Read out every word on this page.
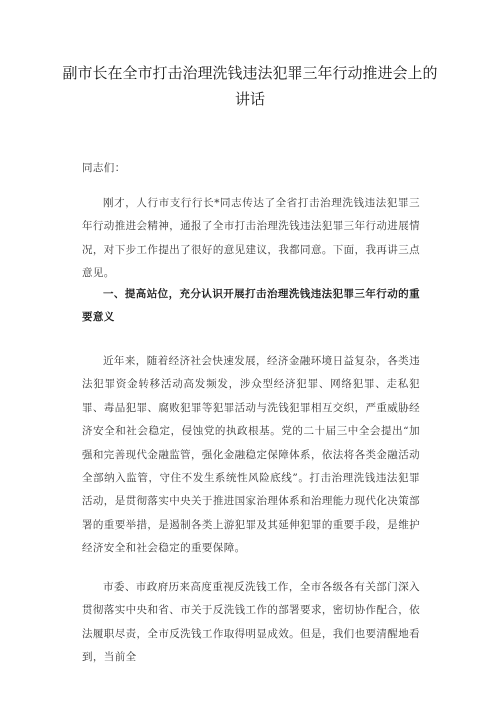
副市长在全市打击治理洗钱违法犯罪三年行动推进会上的讲话

同志们：

刚才，人行市支行行长*同志传达了全省打击治理洗钱违法犯罪三年行动推进会精神，通报了全市打击治理洗钱违法犯罪三年行动进展情况，对下步工作提出了很好的意见建议，我都同意。下面，我再讲三点意见。

一、提高站位，充分认识开展打击治理洗钱违法犯罪三年行动的重要意义

近年来，随着经济社会快速发展，经济金融环境日益复杂，各类违法犯罪资金转移活动高发频发，涉众型经济犯罪、网络犯罪、走私犯罪、毒品犯罪、腐败犯罪等犯罪活动与洗钱犯罪相互交织，严重威胁经济安全和社会稳定，侵蚀党的执政根基。党的二十届三中全会提出“加强和完善现代金融监管，强化金融稳定保障体系，依法将各类金融活动全部纳入监管，守住不发生系统性风险底线”。打击治理洗钱违法犯罪活动，是贯彻落实中央关于推进国家治理体系和治理能力现代化决策部署的重要举措，是遏制各类上游犯罪及其延伸犯罪的重要手段，是维护经济安全和社会稳定的重要保障。

市委、市政府历来高度重视反洗钱工作，全市各级各有关部门深入贯彻落实中央和省、市关于反洗钱工作的部署要求，密切协作配合，依法履职尽责，全市反洗钱工作取得明显成效。但是，我们也要清醒地看到，当前全
